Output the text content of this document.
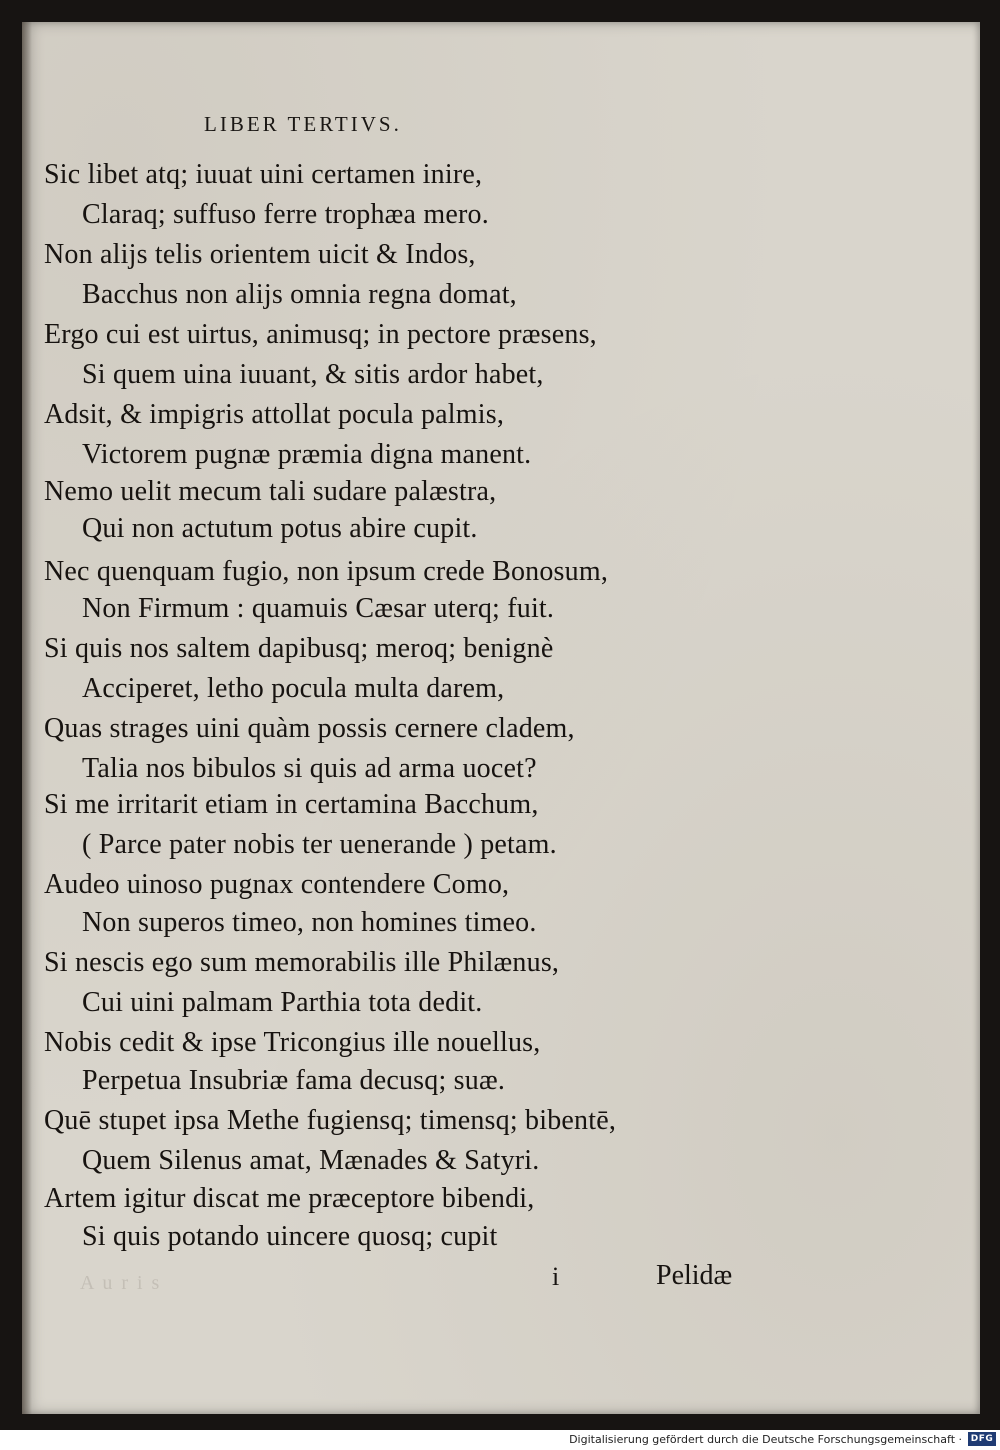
LIBER TERTIVS.
A u r i s
Sic libet atq; iuuat uini certamen inire,
Claraq; suffuso ferre trophæa mero.
Non alijs telis orientem uicit & Indos,
Bacchus non alijs omnia regna domat,
Ergo cui est uirtus, animusq; in pectore præsens,
Si quem uina iuuant, & sitis ardor habet,
Adsit, & impigris attollat pocula palmis,
Victorem pugnæ præmia digna manent.
Nemo uelit mecum tali sudare palæstra,
Qui non actutum potus abire cupit.
Nec quenquam fugio, non ipsum crede Bonosum,
Non Firmum : quamuis Cæsar uterq; fuit.
Si quis nos saltem dapibusq; meroq; benignè
Acciperet, letho pocula multa darem,
Quas strages uini quàm possis cernere cladem,
Talia nos bibulos si quis ad arma uocet?
Si me irritarit etiam in certamina Bacchum,
( Parce pater nobis ter uenerande ) petam.
Audeo uinoso pugnax contendere Como,
Non superos timeo, non homines timeo.
Si nescis ego sum memorabilis ille Philænus,
Cui uini palmam Parthia tota dedit.
Nobis cedit & ipse Tricongius ille nouellus,
Perpetua Insubriæ fama decusq; suæ.
Quē stupet ipsa Methe fugiensq; timensq; bibentē,
Quem Silenus amat, Mænades & Satyri.
Artem igitur discat me præceptore bibendi,
Si quis potando uincere quosq; cupit
i	Pelidæ
Digitalisierung gefördert durch die Deutsche Forschungsgemeinschaft · DFG
